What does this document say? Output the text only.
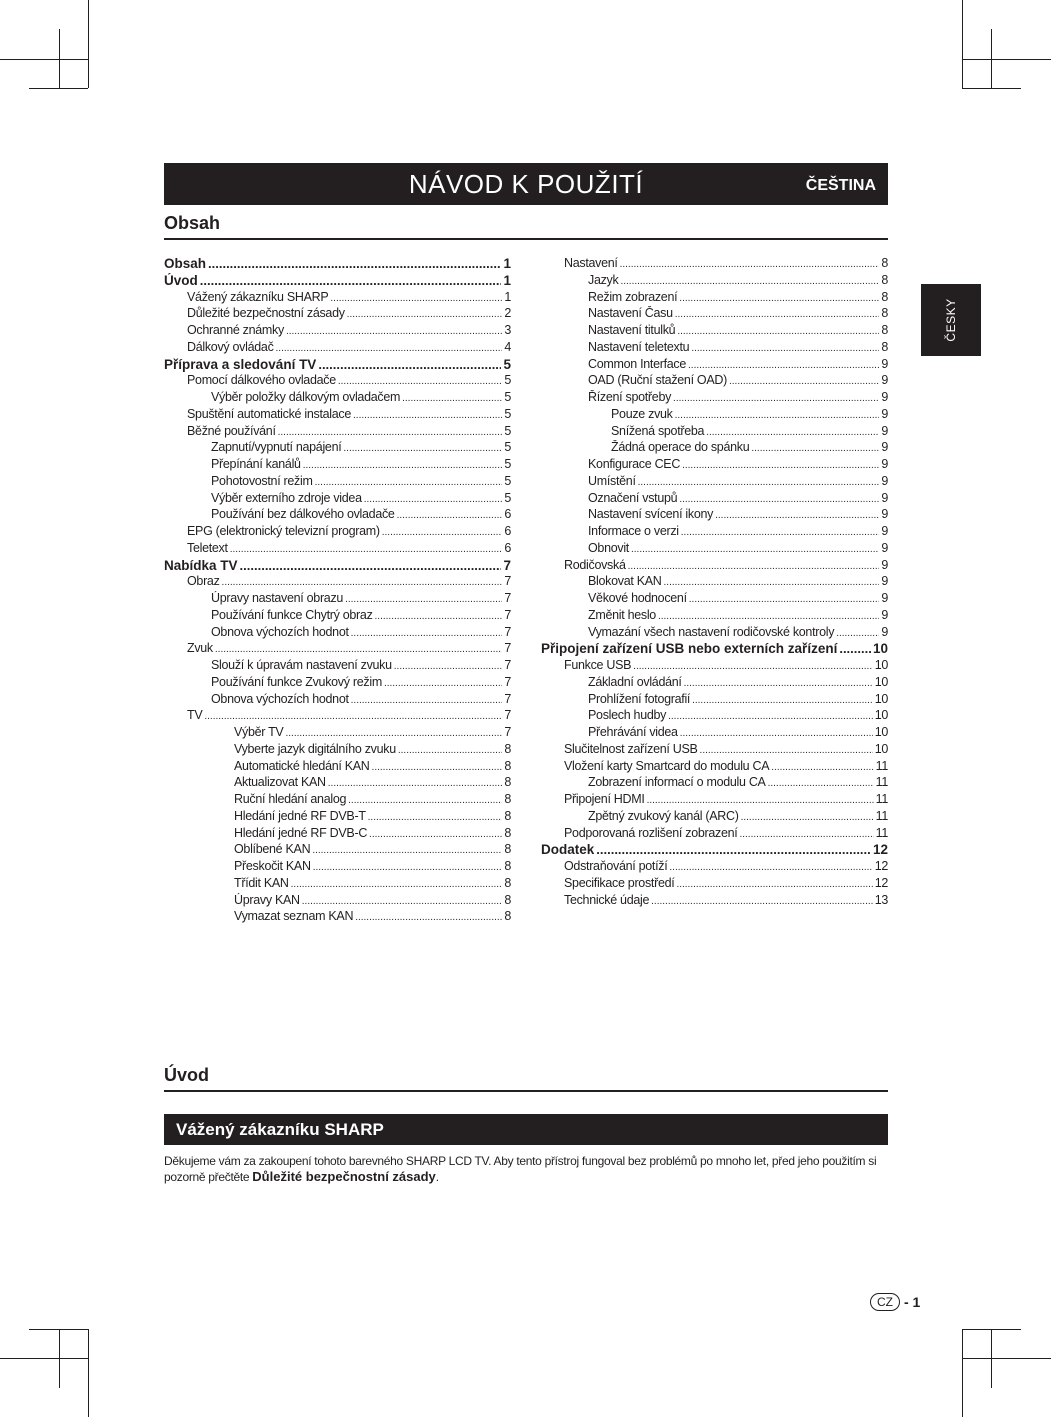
NÁVOD K POUŽITÍ	ČEŠTINA
Obsah
Obsah .....	1
Úvod .....	1
Vážený zákazníku SHARP .....	1
Důležité bezpečnostní zásady .....	2
Ochranné známky .....	3
Dálkový ovládač .....	4
Příprava a sledování TV .....	5
Pomocí dálkového ovladače .....	5
Výběr položky dálkovým ovladačem .....	5
Spuštění automatické instalace .....	5
Běžné používání .....	5
Zapnutí/vypnutí napájení .....	5
Přepínání kanálů .....	5
Pohotovostní režim .....	5
Výběr externího zdroje videa .....	5
Používání bez dálkového ovladače .....	6
EPG (elektronický televizní program) .....	6
Teletext .....	6
Nabídka TV .....	7
Obraz .....	7
Úpravy nastavení obrazu .....	7
Používání funkce Chytrý obraz .....	7
Obnova výchozích hodnot .....	7
Zvuk .....	7
Slouží k úpravám nastavení zvuku .....	7
Používání funkce Zvukový režim .....	7
Obnova výchozích hodnot .....	7
TV .....	7
Výběr TV .....	7
Vyberte jazyk digitálního zvuku .....	8
Automatické hledání KAN .....	8
Aktualizovat KAN .....	8
Ruční hledání analog .....	8
Hledání jedné RF DVB-T .....	8
Hledání jedné RF DVB-C .....	8
Oblíbené KAN .....	8
Přeskočit KAN .....	8
Třídit KAN .....	8
Úpravy KAN .....	8
Vymazat seznam KAN .....	8
Nastavení .....	8
Jazyk .....	8
Režim zobrazení .....	8
Nastavení Času .....	8
Nastavení titulků .....	8
Nastavení teletextu .....	8
Common Interface .....	9
OAD (Ruční stažení OAD) .....	9
Řízení spotřeby .....	9
Pouze zvuk .....	9
Snížená spotřeba .....	9
Žádná operace do spánku .....	9
Konfigurace CEC .....	9
Umístění .....	9
Označení vstupů .....	9
Nastavení svícení ikony .....	9
Informace o verzi .....	9
Obnovit .....	9
Rodičovská .....	9
Blokovat KAN .....	9
Věkové hodnocení .....	9
Změnit heslo .....	9
Vymazání všech nastavení rodičovské kontroly .....	9
Připojení zařízení USB nebo externích zařízení .....	10
Funkce USB .....	10
Základní ovládání .....	10
Prohlížení fotografií .....	10
Poslech hudby .....	10
Přehrávání videa .....	10
Slučitelnost zařízení USB .....	10
Vložení karty Smartcard do modulu CA .....	11
Zobrazení informací o modulu CA .....	11
Připojení HDMI .....	11
Zpětný zvukový kanál (ARC) .....	11
Podporovaná rozlišení zobrazení .....	11
Dodatek .....	12
Odstraňování potíží .....	12
Specifikace prostředí .....	12
Technické údaje .....	13
ČESKY
Úvod
Vážený zákazníku SHARP
Děkujeme vám za zakoupení tohoto barevného SHARP LCD TV. Aby tento přístroj fungoval bez problémů po mnoho let, před jeho použitím si pozorně přečtěte Důležité bezpečnostní zásady.
CZ - 1
